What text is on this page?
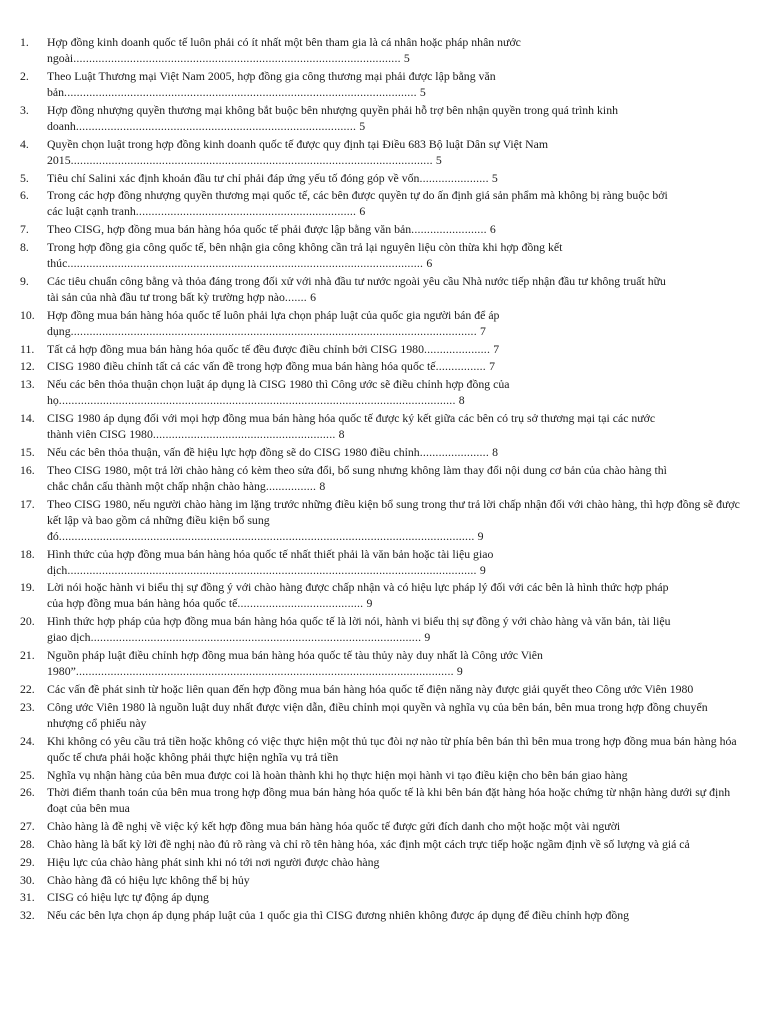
1.	Hợp đồng kinh doanh quốc tế luôn phải có ít nhất một bên tham gia là cá nhân hoặc pháp nhân nước
ngoài........................................................................................................ 5
2.	Theo Luật Thương mại Việt Nam 2005, hợp đồng gia công thương mại phải được lập bằng văn
bản................................................................................................................ 5
3.	Hợp đồng nhượng quyền thương mại không bắt buộc bên nhượng quyền phải hỗ trợ bên nhận quyền trong quá trình kinh
doanh......................................................................................... 5
4.	Quyền chọn luật trong hợp đồng kinh doanh quốc tế được quy định tại Điều 683 Bộ luật Dân sự Việt Nam
2015................................................................................................................... 5
5.	Tiêu chí Salini xác định khoản đầu tư chỉ phải đáp ứng yếu tố đóng góp về vốn...................... 5
6.	Trong các hợp đồng nhượng quyền thương mại quốc tế, các bên được quyền tự do ấn định giá sản phẩm mà không bị ràng buộc bởi
các luật cạnh tranh...................................................................... 6
7.	Theo CISG, hợp đồng mua bán hàng hóa quốc tế phải được lập bằng văn bản........................ 6
8.	Trong hợp đồng gia công quốc tế, bên nhận gia công không cần trả lại nguyên liệu còn thừa khi hợp đồng kết
thúc................................................................................................................. 6
9.	Các tiêu chuẩn công bằng và thỏa đáng trong đối xử với nhà đầu tư nước ngoài yêu cầu Nhà nước tiếp nhận đầu tư không truất hữu
tài sản của nhà đầu tư trong bất kỳ trường hợp nào....... 6
10.	Hợp đồng mua bán hàng hóa quốc tế luôn phải lựa chọn pháp luật của quốc gia người bán để áp
dụng................................................................................................................................. 7
11.	Tất cả hợp đồng mua bán hàng hóa quốc tế đều được điều chỉnh bởi CISG 1980..................... 7
12.	CISG 1980 điều chỉnh tất cả các vấn đề trong hợp đồng mua bán hàng hóa quốc tế................ 7
13.	Nếu các bên thỏa thuận chọn luật áp dụng là CISG 1980 thì Công ước sẽ điều chỉnh hợp đồng của
họ.............................................................................................................................. 8
14.	CISG 1980 áp dụng đối với mọi hợp đồng mua bán hàng hóa quốc tế được ký kết giữa các bên có trụ sở thương mại tại các nước
thành viên CISG 1980.......................................................... 8
15.	Nếu các bên thỏa thuận, vấn đề hiệu lực hợp đồng sẽ do CISG 1980 điều chỉnh...................... 8
16.	Theo CISG 1980, một trả lời chào hàng có kèm theo sửa đổi, bổ sung nhưng không làm thay đổi nội dung cơ bản của chào hàng thì
chắc chắn cấu thành một chấp nhận chào hàng................ 8
17.	Theo CISG 1980, nếu người chào hàng im lặng trước những điều kiện bổ sung trong thư trả lời chấp nhận đối với chào hàng, thì hợp đồng sẽ được kết lập và bao gồm cả những điều kiện bổ sung
đó.................................................................................................................................... 9
18.	Hình thức của hợp đồng mua bán hàng hóa quốc tế nhất thiết phải là văn bản hoặc tài liệu giao
dịch.................................................................................................................................. 9
19.	Lời nói hoặc hành vi biểu thị sự đồng ý với chào hàng được chấp nhận và có hiệu lực pháp lý đối với các bên là hình thức hợp pháp
của hợp đồng mua bán hàng hóa quốc tế........................................ 9
20.	Hình thức hợp pháp của hợp đồng mua bán hàng hóa quốc tế là lời nói, hành vi biểu thị sự đồng ý với chào hàng và văn bản, tài liệu
giao dịch......................................................................................................... 9
21.	Nguồn pháp luật điều chỉnh hợp đồng mua bán hàng hóa quốc tế tàu thủy này duy nhất là Công ước Viên
1980”........................................................................................................................ 9
22.	Các vấn đề phát sinh từ hoặc liên quan đến hợp đồng mua bán hàng hóa quốc tế điện năng này được giải quyết theo Công ước Viên 1980
23.	Công ước Viên 1980 là nguồn luật duy nhất được viện dẫn, điều chỉnh mọi quyền và nghĩa vụ của bên bán, bên mua trong hợp đồng chuyển nhượng cổ phiếu này
24.	Khi không có yêu cầu trả tiền hoặc không có việc thực hiện một thủ tục đòi nợ nào từ phía bên bán thì bên mua trong hợp đồng mua bán hàng hóa quốc tế chưa phải hoặc không phải thực hiện nghĩa vụ trả tiền
25.	Nghĩa vụ nhận hàng của bên mua được coi là hoàn thành khi họ thực hiện mọi hành vi tạo điều kiện cho bên bán giao hàng
26.	Thời điểm thanh toán của bên mua trong hợp đồng mua bán hàng hóa quốc tế là khi bên bán đặt hàng hóa hoặc chứng từ nhận hàng dưới sự định đoạt của bên mua
27.	Chào hàng là đề nghị về việc ký kết hợp đồng mua bán hàng hóa quốc tế được gửi đích danh cho một hoặc một vài người
28.	Chào hàng là bất kỳ lời đề nghị nào đủ rõ ràng và chỉ rõ tên hàng hóa, xác định một cách trực tiếp hoặc ngầm định về số lượng và giá cả
29.	Hiệu lực của chào hàng phát sinh khi nó tới nơi người được chào hàng
30.	Chào hàng đã có hiệu lực không thể bị hủy
31.	CISG có hiệu lực tự động áp dụng
32.	Nếu các bên lựa chọn áp dụng pháp luật của 1 quốc gia thì CISG đương nhiên không được áp dụng để điều chỉnh hợp đồng
